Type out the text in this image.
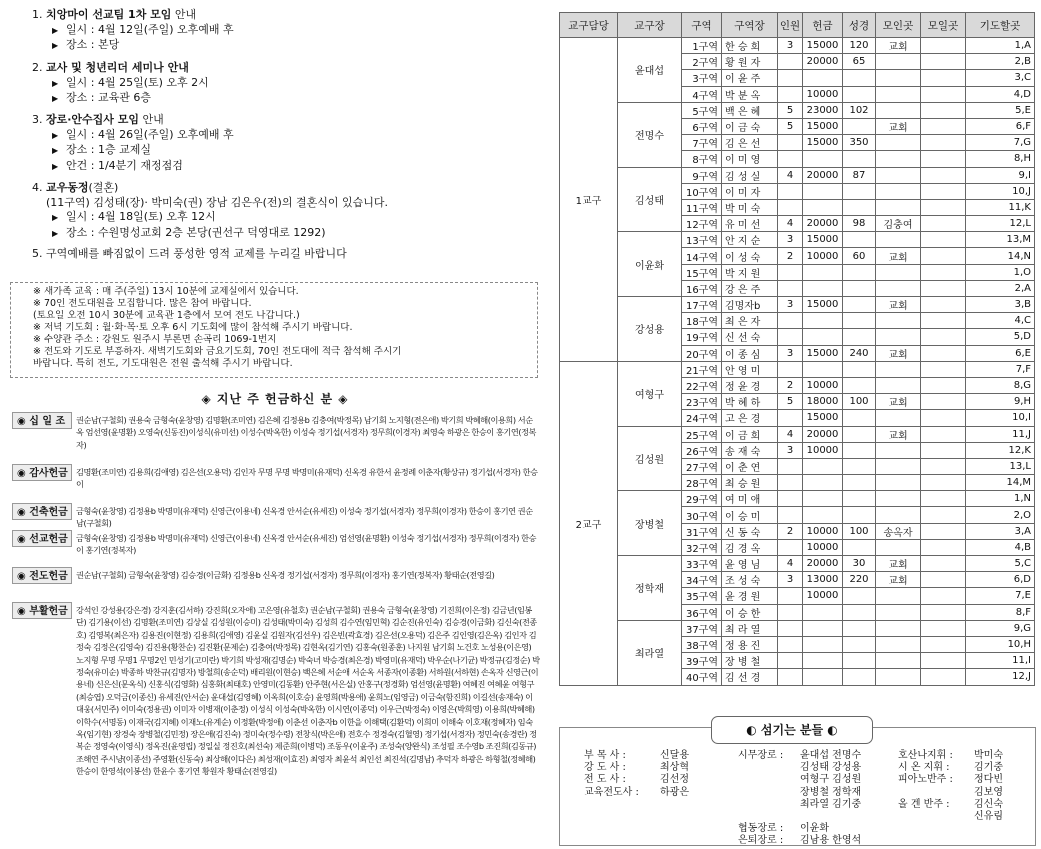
1. 치앙마이 선교팀 1차 모임 안내
▶ 일시 : 4월 12일(주일) 오후예배 후
▶ 장소 : 본당
2. 교사 및 청년리더 세미나 안내
▶ 일시 : 4월 25일(토) 오후 2시
▶ 장소 : 교육관 6층
3. 장로·안수집사 모임 안내
▶ 일시 : 4월 26일(주일) 오후예배 후
▶ 장소 : 1층 교제실
▶ 안건 : 1/4분기 재정점검
4. 교우동정(결혼)
(11구역) 김성태(장)· 박미숙(권) 장남 김은우(전)의 결혼식이 있습니다.
▶ 일시 : 4월 18일(토) 오후 12시
▶ 장소 : 수원명성교회 2층 본당(권선구 덕영대로 1292)
5. 구역예배를 빠짐없이 드려 풍성한 영적 교제를 누리길 바랍니다
※ 새가족 교육 : 매 주(주일) 13시 10분에 교제실에서 있습니다.
※ 70인 전도대원을 모집합니다. 많은 참여 바랍니다.
(토요일 오전 10시 30분에 교육관 1층에서 모여 전도 나갑니다.)
※ 저녁 기도회 : 월·화·목·토 오후 6시 기도회에 많이 참석해 주시기 바랍니다.
※ 수양관 주소 : 강원도 원주시 부론면 손곡리 1069-1번지
※ 전도와 기도로 부흥하자. 새벽기도회와 금요기도회, 70인 전도대에 적극 참석해 주시기
바랍니다. 특히 전도, 기도대원은 전원 출석해 주시기 바랍니다.
◈ 지난 주 헌금하신 분 ◈
◉ 십 일 조	권순남(구철회) 권용숙 금형숙(윤창영) 김명환(조미연) 김은혜 김정용b 김충여(박정목) 남기회 노지형(전은애) 박기희 박혜해(이용희) 서순옥 엄선영(윤명환) 오영숙(신동진)이성식(유미선) 이성수(박옥한) 이성숙 정기섭(서경자) 정무희(이경자) 최영숙 하광은 한승이 홍기연(정복자)
◉ 감사헌금 김명환(조미연) 김용희(김애영) 김은선(오용덕) 김인자 무명 무명 박명미(유재덕) 신옥경 유한서 윤정례 이춘자(황상규) 정기섭(서경자) 한승이
◉ 건축헌금 금형숙(윤창영) 김정용b 박명미(유재덕) 신영근(이용네) 신옥경 안서순(유세진) 이성숙 정기섭(서경자) 정무희(이경자) 한승이 홍기연 권순남(구철회)
◉ 선교헌금 금형숙(윤창영) 김정용b 박명미(유재덕) 신영근(이용네) 신옥경 안서순(유세진) 엄선영(윤명환) 이성숙 정기섭(서경자) 정무희(이경자) 한승이 홍기연(정복자)
◉ 전도헌금 권순남(구철회) 금형숙(윤창영) 김승경(이금화) 김정용b 신옥경 정기섭(서경자) 정무희(이경자) 홍기연(정복자) 황태순(전영길)
◉ 부활헌금 강석인 강성용(강은경) 강지훈(김서하) 강진희(오자애) 고은영(유철호) 권순남(구철회) 권용숙 금형숙(윤창영) 기진희(이은정) 김금년(임봉단) 김기용(이선) 김명환(조미연) 김상실 김성원(이승미) 김성태(박미숙) 김성희 김수연(임민혁) 김순진(유인숙) 김승경(이금화) 김신숙(전종호) 김영복(최은자) 김용진(이현정) 김용희(김애영) 김윤실 김원자(김선우) 김은빈(곽효경) 김은선(오용덕) 김은주 김인영(김은옥) 김인자 김정숙 김정은(김영숙) 김진용(황찬순) 김진환(문제순) 김충여(박정목) 김현옥(김기연) 김홍숙(원종훈) 나지원 남기회 노건호 노성용(이은영) 노지형 무명 무명1 무명2인 민성기(고미란) 박기희 박성재(김명순) 박숙녀 박승경(최은경) 박영미(유재덕) 박우순(나기균) 박정규(김정순) 박정숙(유미순) 박종하 박찬규(김명자) 방철희(송순덕) 배리원(이현승) 백은혜 서순애 서순옥 서종자(이종환) 서하원(서하현) 손옥자 신영근(이용네) 신은신(문옥식) 신홍식(김영화) 심홍화(최태호) 안영미(김동환) 안주현(서은실) 안홍구(정경화) 엄선영(윤명환) 여혜진 여혜윤 여형구(최승엽) 오덕금(이종신) 유세진(안서순) 윤대섭(김영혜) 이옥희(이호승) 윤영희(박용애) 윤희노(임영금) 이금숙(함진희) 이길선(송재숙) 이대웅(서민주) 이미숙(정용권) 이미자 이병재(이춘정) 이성식 이성숙(박옥한) 이시연(이종덕) 이우근(박정숙) 이영은(박희영) 이용희(박혜해) 이학수(서명동) 이재국(김지혜) 이재노(유계순) 이정환(박정애) 이춘선 이춘자b 이한을 이해택(김환덕) 이희미 이해숙 이호재(정혜자) 임숙옥(임기현) 장경숙 장병철(김민정) 장은애(김진숙) 정미숙(정수령) 전창식(박은애) 전호수 정경숙(김혈영) 정기섭(서경자) 정민숙(송경란) 정복순 정영숙(이영식) 정옥진(윤영립) 정일실 정진호(최선숙) 제준희(이병덕) 조동우(이윤주) 조성숙(양완식) 조성필 조수영b 조진희(김동규) 조해연 주시냥(이종선) 주영환(신동숙) 최상해(이다은) 최성재(이효진) 최영자 최윤석 최인선 최진석(김명남) 추덕자 하광은 하형철(정혜해) 한승이 한영석(이봉선) 한윤수 홍기연 황원자 황태순(전영길)
교구담당	교구장	구역	구역장	인원	헌금	성경	모인곳	모일곳	기도할곳
1교구	윤대섭	1구역	한 승 희	3	15000	120	교회		1,A
		2구역	황 원 자		20000	65			2,B
		3구역	이 윤 주						3,C
		4구역	박 분 옥		10000				4,D
	전명수	5구역	백 은 혜	5	23000	102			5,E
		6구역	이 금 숙	5	15000		교회		6,F
		7구역	김 은 선		15000	350			7,G
		8구역	이 미 영						8,H
	김성태	9구역	김 성 실	4	20000	87			9,I
		10구역	이 미 자						10,J
		11구역	박 미 숙						11,K
		12구역	유 미 선	4	20000	98	김충여		12,L
	이윤화	13구역	안 지 순	3	15000				13,M
		14구역	이 성 숙	2	10000	60	교회		14,N
		15구역	박 지 원						1,O
		16구역	강 은 주						2,A
	강성용	17구역	김명자b	3	15000		교회		3,B
		18구역	최 은 자						4,C
		19구역	신 선 숙						5,D
		20구역	이 종 심	3	15000	240	교회		6,E
2교구	여형구	21구역	안 영 미						7,F
		22구역	정 윤 경	2	10000				8,G
		23구역	박 혜 하	5	18000	100	교회		9,H
		24구역	고 은 경		15000				10,I
	김성원	25구역	이 금 희	4	20000		교회		11,J
		26구역	송 재 숙	3	10000				12,K
		27구역	이 춘 연						13,L
		28구역	최 승 원						14,M
	장병철	29구역	여 미 애						1,N
		30구역	이 승 미						2,O
		31구역	신 동 숙	2	10000	100	송옥자		3,A
		32구역	김 경 옥		10000				4,B
	정학재	33구역	윤 영 님	4	20000	30	교회		5,C
		34구역	조 성 숙	3	13000	220	교회		6,D
		35구역	윤 경 원		10000				7,E
		36구역	이 승 한						8,F
	최라열	37구역	최 라 열						9,G
		38구역	정 용 진						10,H
		39구역	장 병 철						11,I
		40구역	김 선 경						12,J
◐ 섬기는 분들 ◐
부 목 사 :	신달용
강 도 사 :	최상혁
전 도 사 :	김선정
교육전도사 : 하광은
시무장로 : 윤대섭 전명수
김성태 강성용
여형구 김성원
장병철 정학재
최라열 김기중
협동장로 : 이윤화
은퇴장로 : 김남용 한영석
호산나지휘 : 박미숙
시 온 지휘 : 김기중
피아노반주 : 정다빈
김보영
올 겐 반주 : 김신숙
신유림
